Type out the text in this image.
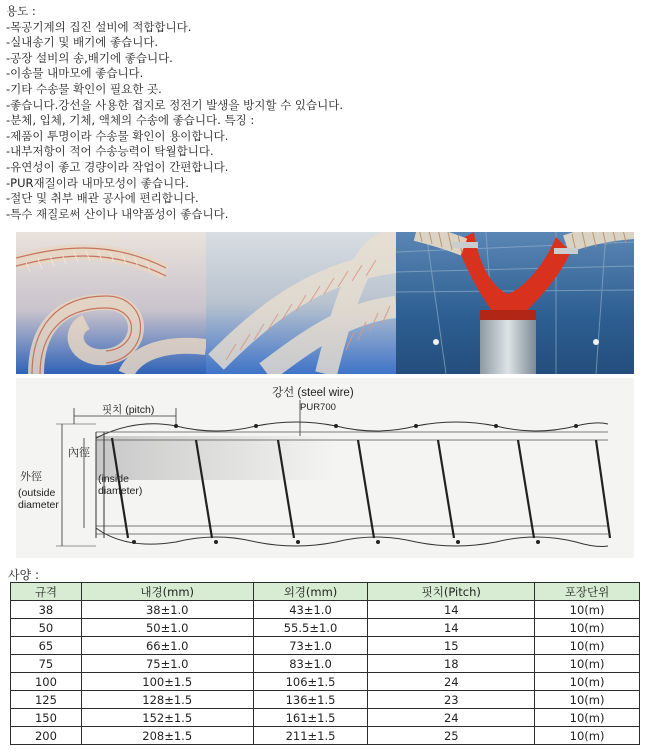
용도 :
-목공기계의 집진 설비에 적합합니다.
-실내송기 및 배기에 좋습니다.
-공장 설비의 송,배기에 좋습니다.
-이송물 내마모에 좋습니다.
-기타 수송물 확인이 필요한 곳.
-좋습니다.강선을 사용한 접지로 정전기 발생을 방지할 수 있습니다.
-분체, 입체, 기체, 액체의 수송에 좋습니다. 특징 :
-제품이 투명이라 수송물 확인이 용이합니다.
-내부저항이 적어 수송능력이 탁월합니다.
-유연성이 좋고 경량이라 작업이 간편합니다.
-PUR재질이라 내마모성이 좋습니다.
-절단 및 취부 배관 공사에 편리합니다.
-특수 재질로써 산이나 내약품성이 좋습니다.
핏치 (pitch)
강선 (steel wire)
PUR700
外徑
內徑
(inside
diameter)
(outside
diameter
사양 :
규격	내경(mm)	외경(mm)	핏치(Pitch)	포장단위
38	38±1.0	43±1.0	14	10(m)
50	50±1.0	55.5±1.0	14	10(m)
65	66±1.0	73±1.0	15	10(m)
75	75±1.0	83±1.0	18	10(m)
100	100±1.5	106±1.5	24	10(m)
125	128±1.5	136±1.5	23	10(m)
150	152±1.5	161±1.5	24	10(m)
200	208±1.5	211±1.5	25	10(m)
